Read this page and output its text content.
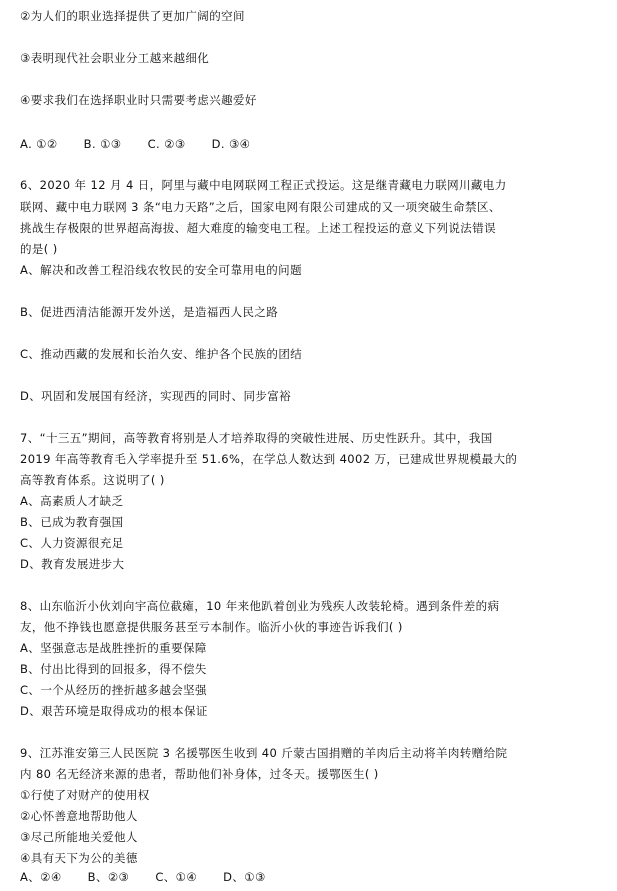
②为人们的职业选择提供了更加广阔的空间
③表明现代社会职业分工越来越细化
④要求我们在选择职业时只需要考虑兴趣爱好
A. ①② B. ①③ C. ②③ D. ③④
6、2020 年 12 月 4 日，阿里与藏中电网联网工程正式投运。这是继青藏电力联网川藏电力
联网、藏中电力联网 3 条“电力天路”之后，国家电网有限公司建成的又一项突破生命禁区、
挑战生存极限的世界超高海拔、超大难度的输变电工程。上述工程投运的意义下列说法错误
的是( )
A、解决和改善工程沿线农牧民的安全可靠用电的问题
B、促进西清洁能源开发外送，是造福西人民之路
C、推动西藏的发展和长治久安、维护各个民族的团结
D、巩固和发展国有经济，实现西的同时、同步富裕
7、“十三五”期间，高等教育将别是人才培养取得的突破性进展、历史性跃升。其中，我国
2019 年高等教育毛入学率提升至 51.6%，在学总人数达到 4002 万，已建成世界规模最大的
高等教育体系。这说明了( )
A、高素质人才缺乏
B、已成为教育强国
C、人力资源很充足
D、教育发展进步大
8、山东临沂小伙刘向宇高位截瘫，10 年来他趴着创业为残疾人改装轮椅。遇到条件差的病
友，他不挣钱也愿意提供服务甚至亏本制作。临沂小伙的事迹告诉我们( )
A、坚强意志是战胜挫折的重要保障
B、付出比得到的回报多，得不偿失
C、一个从经历的挫折越多越会坚强
D、艰苦环境是取得成功的根本保证
9、江苏淮安第三人民医院 3 名援鄂医生收到 40 斤蒙古国捐赠的羊肉后主动将羊肉转赠给院
内 80 名无经济来源的患者，帮助他们补身体，过冬天。援鄂医生( )
①行使了对财产的使用权
②心怀善意地帮助他人
③尽己所能地关爱他人
④具有天下为公的美德
A、②④ B、②③ C、①④ D、①③
